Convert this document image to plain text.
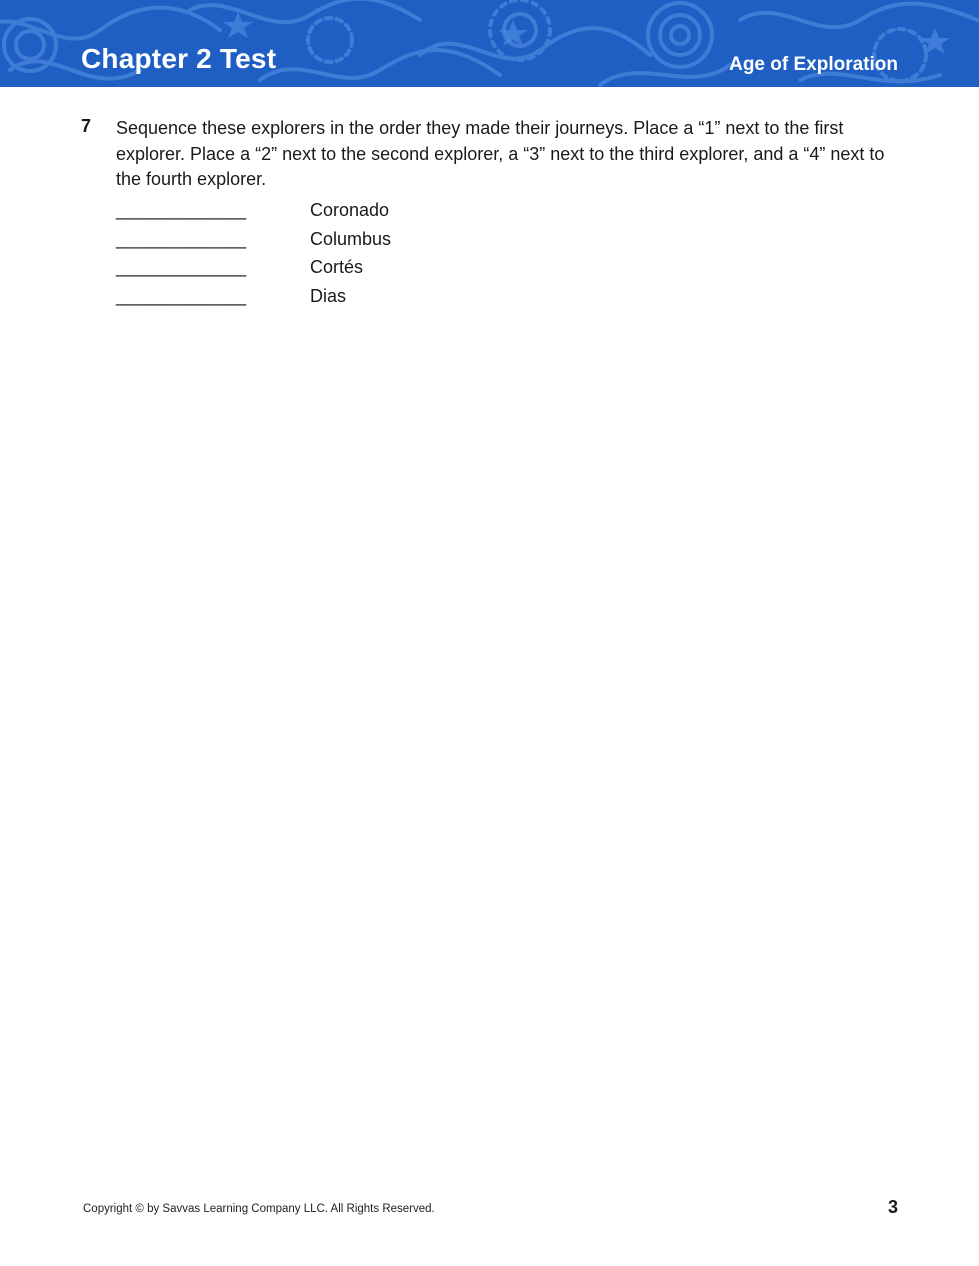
Chapter 2 Test	Age of Exploration
7 Sequence these explorers in the order they made their journeys. Place a “1” next to the first explorer. Place a “2” next to the second explorer, a “3” next to the third explorer, and a “4” next to the fourth explorer.
_____________	Coronado
_____________	Columbus
_____________	Cortés
_____________	Dias
Copyright © by Savvas Learning Company LLC. All Rights Reserved.	3
